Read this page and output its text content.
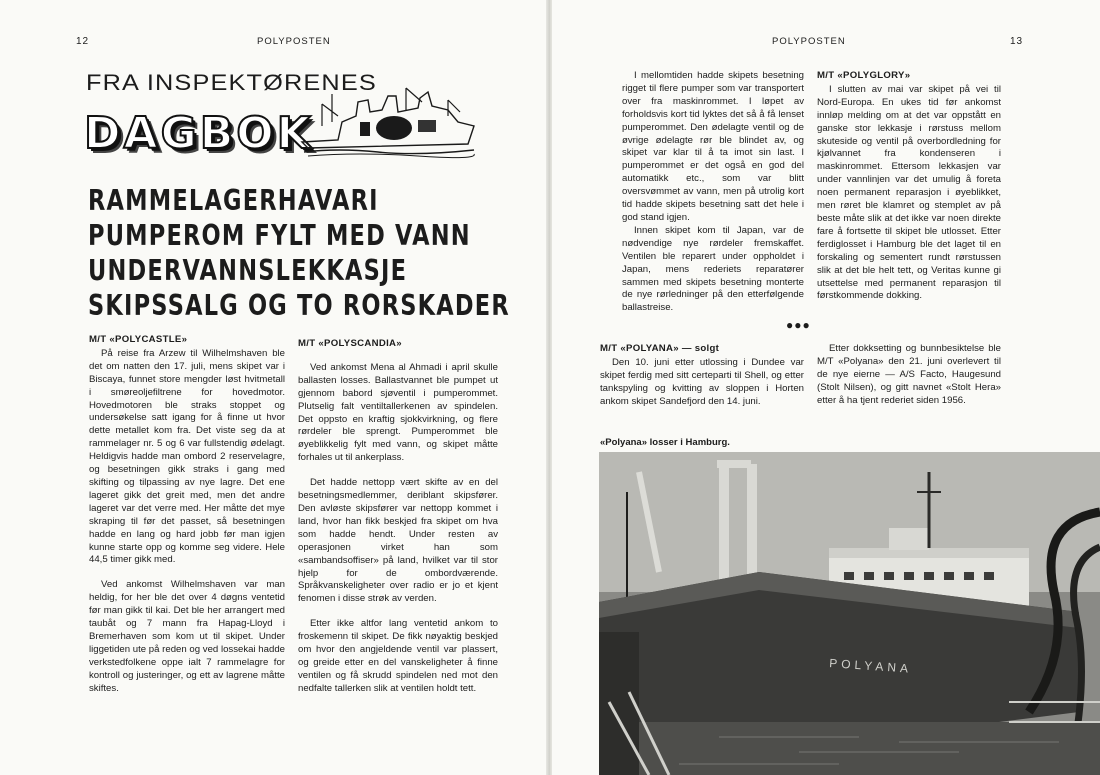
12	POLYPOSTEN
FRA INSPEKTØRENES
DAGBOK
RAMMELAGERHAVARI
PUMPEROM FYLT MED VANN
UNDERVANNSLEKKASJE
SKIPSSALG OG TO RORSKADER

M/T «POLYCASTLE»

På reise fra Arzew til Wilhelmshaven ble det om natten den 17. juli, mens skipet var i Biscaya, funnet store mengder løst hvitmetall i smøreoljefiltrene for hovedmotor. Hovedmotoren ble straks stoppet og undersøkelse satt igang for å finne ut hvor dette metallet kom fra. Det viste seg da at rammelager nr. 5 og 6 var fullstendig ødelagt. Heldigvis hadde man ombord 2 reservelagre, og besetningen gikk straks i gang med skifting og tilpassing av nye lagre. Det ene lageret gikk det greit med, men det andre lageret var det verre med. Her måtte det mye skraping til før det passet, så besetningen hadde en lang og hard jobb før man igjen kunne starte opp og komme seg videre. Hele 44,5 timer gikk med.

Ved ankomst Wilhelmshaven var man heldig, for her ble det over 4 døgns ventetid før man gikk til kai. Det ble her arrangert med taubåt og 7 mann fra Hapag-Lloyd i Bremerhaven som kom ut til skipet. Under liggetiden ute på reden og ved lossekai hadde verkstedfolkene oppe ialt 7 rammelagre for kontroll og justeringer, og ett av lagrene måtte skiftes.

M/T «POLYSCANDIA»

Ved ankomst Mena al Ahmadi i april skulle ballasten losses. Ballastvannet ble pumpet ut gjennom babord sjøventil i pumperommet. Plutselig falt ventiltallerkenen av spindelen. Det oppsto en kraftig sjokkvirkning, og flere rørdeler ble sprengt. Pumperommet ble øyeblikkelig fylt med vann, og skipet måtte forhales ut til ankerplass.

Det hadde nettopp vært skifte av en del besetningsmedlemmer, deriblant skipsfører. Den avløste skipsfører var nettopp kommet i land, hvor han fikk beskjed fra skipet om hva som hadde hendt. Under resten av operasjonen virket han som «sambandsoffiser» på land, hvilket var til stor hjelp for de ombordværende. Språkvanskeligheter over radio er jo et kjent fenomen i disse strøk av verden.

Etter ikke altfor lang ventetid ankom to froskemenn til skipet. De fikk nøyaktig beskjed om hvor den angjeldende ventil var plassert, og greide etter en del vanskeligheter å finne ventilen og få skrudd spindelen ned mot den nedfalte tallerken slik at ventilen holdt tett.

POLYPOSTEN	13

I mellomtiden hadde skipets besetning rigget til flere pumper som var transportert over fra maskinrommet. I løpet av forholdsvis kort tid lyktes det så å få lenset pumperommet. Den ødelagte ventil og de øvrige ødelagte rør ble blindet av, og skipet var klar til å ta imot sin last. I pumperommet er det også en god del automatikk etc., som var blitt oversvømmet av vann, men på utrolig kort tid hadde skipets besetning satt det hele i god stand igjen.

Innen skipet kom til Japan, var de nødvendige nye rørdeler fremskaffet. Ventilen ble reparert under oppholdet i Japan, mens rederiets reparatører sammen med skipets besetning monterte de nye rørledninger på den etterfølgende ballastreise.

M/T «POLYGLORY»

I slutten av mai var skipet på vei til Nord-Europa. En ukes tid før ankomst innløp melding om at det var oppstått en ganske stor lekkasje i rørstuss mellom skuteside og ventil på overbordledning for kjølvannet fra kondenseren i maskinrommet. Ettersom lekkasjen var under vannlinjen var det umulig å foreta noen permanent reparasjon i øyeblikket, men røret ble klamret og stemplet av på beste måte slik at det ikke var noen direkte fare å fortsette til skipet ble utlosset. Etter ferdiglosset i Hamburg ble det laget til en forskaling og sementert rundt rørstussen slik at det ble helt tett, og Veritas kunne gi utsettelse med permanent reparasjon til førstkommende dokking.

●●●

M/T «POLYANA» — solgt

Den 10. juni etter utlossing i Dundee var skipet ferdig med sitt certeparti til Shell, og etter tankspyling og kvitting av sloppen i Horten ankom skipet Sandefjord den 14. juni.

Etter dokksetting og bunnbesiktelse ble M/T «Polyana» den 21. juni overlevert til de nye eierne — A/S Facto, Haugesund (Stolt Nilsen), og gitt navnet «Stolt Hera» etter å ha tjent rederiet siden 1956.

«Polyana» losser i Hamburg.
POLYANA
